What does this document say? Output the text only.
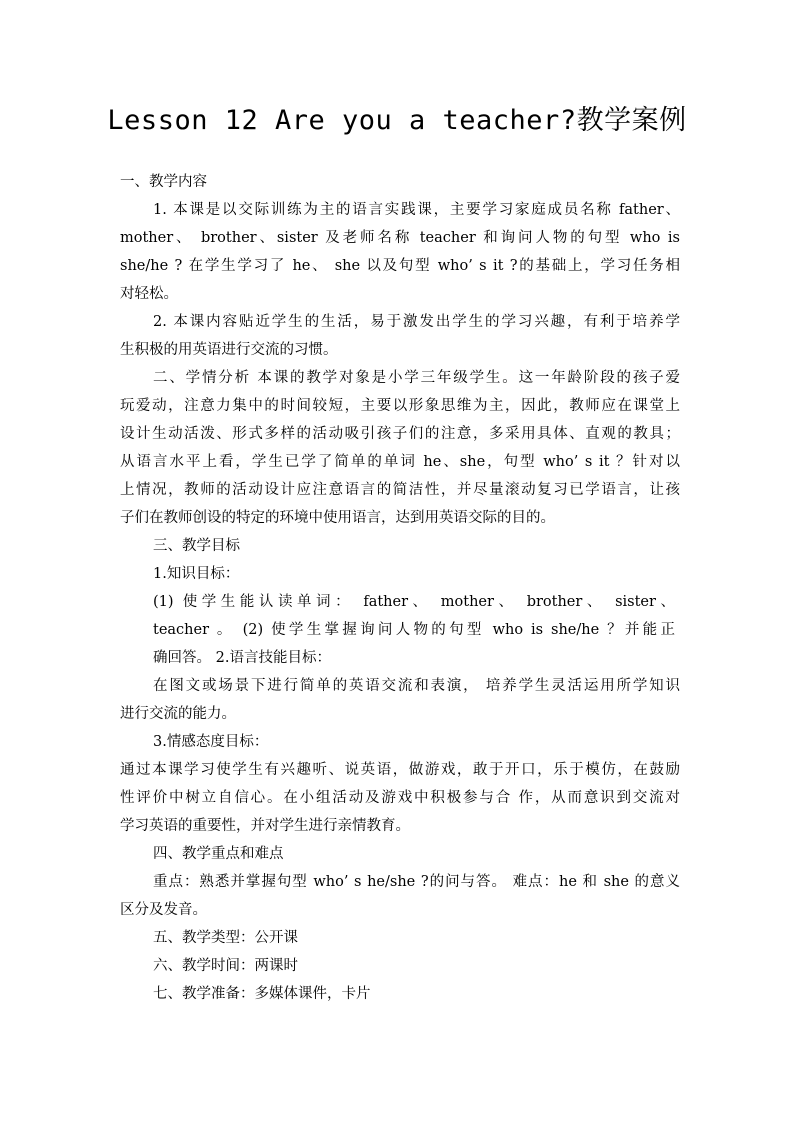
Lesson 12 Are you a teacher?教学案例
一、教学内容
1. 本课是以交际训练为主的语言实践课，主要学习家庭成员名称 father、
mother、 brother、sister 及老师名称 teacher 和询问人物的句型 who is
she/he ? 在学生学习了 he、 she 以及句型 who’ s it ?的基础上，学习任务相
对轻松。
2. 本课内容贴近学生的生活，易于激发出学生的学习兴趣，有利于培养学
生积极的用英语进行交流的习惯。
二、学情分析 本课的教学对象是小学三年级学生。这一年龄阶段的孩子爱
玩爱动，注意力集中的时间较短，主要以形象思维为主，因此，教师应在课堂上
设计生动活泼、形式多样的活动吸引孩子们的注意，多采用具体、直观的教具；
从语言水平上看，学生已学了简单的单词 he、she，句型 who’ s it ？针对以
上情况，教师的活动设计应注意语言的简洁性，并尽量滚动复习已学语言，让孩
子们在教师创设的特定的环境中使用语言，达到用英语交际的目的。
三、教学目标
1.知识目标：
(1) 使学生能认读单词： father、 mother、 brother、 sister、
teacher 。 (2) 使学生掌握询问人物的句型 who is she/he ？并能正
确回答。 2.语言技能目标：
在图文或场景下进行简单的英语交流和表演， 培养学生灵活运用所学知识
进行交流的能力。
3.情感态度目标：
通过本课学习使学生有兴趣听、说英语，做游戏，敢于开口，乐于模仿，在鼓励
性评价中树立自信心。在小组活动及游戏中积极参与合 作，从而意识到交流对
学习英语的重要性，并对学生进行亲情教育。
四、教学重点和难点
重点：熟悉并掌握句型 who’ s he/she ?的问与答。 难点：he 和 she 的意义
区分及发音。
五、教学类型：公开课
六、教学时间：两课时
七、教学准备：多媒体课件，卡片
